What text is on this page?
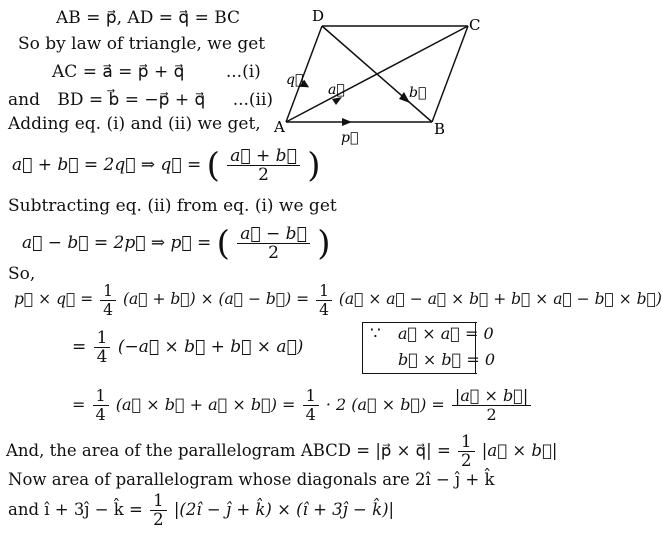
AB = p⃗, AD = q⃗ = BC
So by law of triangle, we get
AC = a⃗ = p⃗ + q⃗ ...(i)
and BD = b⃗ = −p⃗ + q⃗ ...(ii)
Adding eq. (i) and (ii) we get,
a⃗ + b⃗ = 2q⃗ ⇒ q⃗ = ( $\frac{a⃗ + b⃗}{2}$ )
Subtracting eq. (ii) from eq. (i) we get
a⃗ − b⃗ = 2p⃗ ⇒ p⃗ = ( $\frac{a⃗ - b⃗}{2}$ )
So,
p⃗ × q⃗ = $\frac{1}{4}$ (a⃗ + b⃗) × (a⃗ − b⃗) = $\frac{1}{4}$ (a⃗ × a⃗ − a⃗ × b⃗ + b⃗ × a⃗ − b⃗ × b⃗)
= $\frac{1}{4}$ (−a⃗ × b⃗ + b⃗ × a⃗)
∵ a⃗ × a⃗ = 0
b⃗ × b⃗ = 0
= $\frac{1}{4}$ (a⃗ × b⃗ + a⃗ × b⃗) = $\frac{1}{4} \cdot 2$ (a⃗ × b⃗) = $\frac{|a⃗ \times b⃗|}{2}$
And, the area of the parallelogram ABCD = |p⃗ × q⃗| = $\frac{1}{2}$ |a⃗ × b⃗|
Now area of parallelogram whose diagonals are 2î − ĵ + k̂
and î + 3ĵ − k̂ = $\frac{1}{2}$ |(2î − ĵ + k̂) × (î + 3ĵ − k̂)|
A	B
C
D
p⃗
q⃗
a⃗	b⃗
